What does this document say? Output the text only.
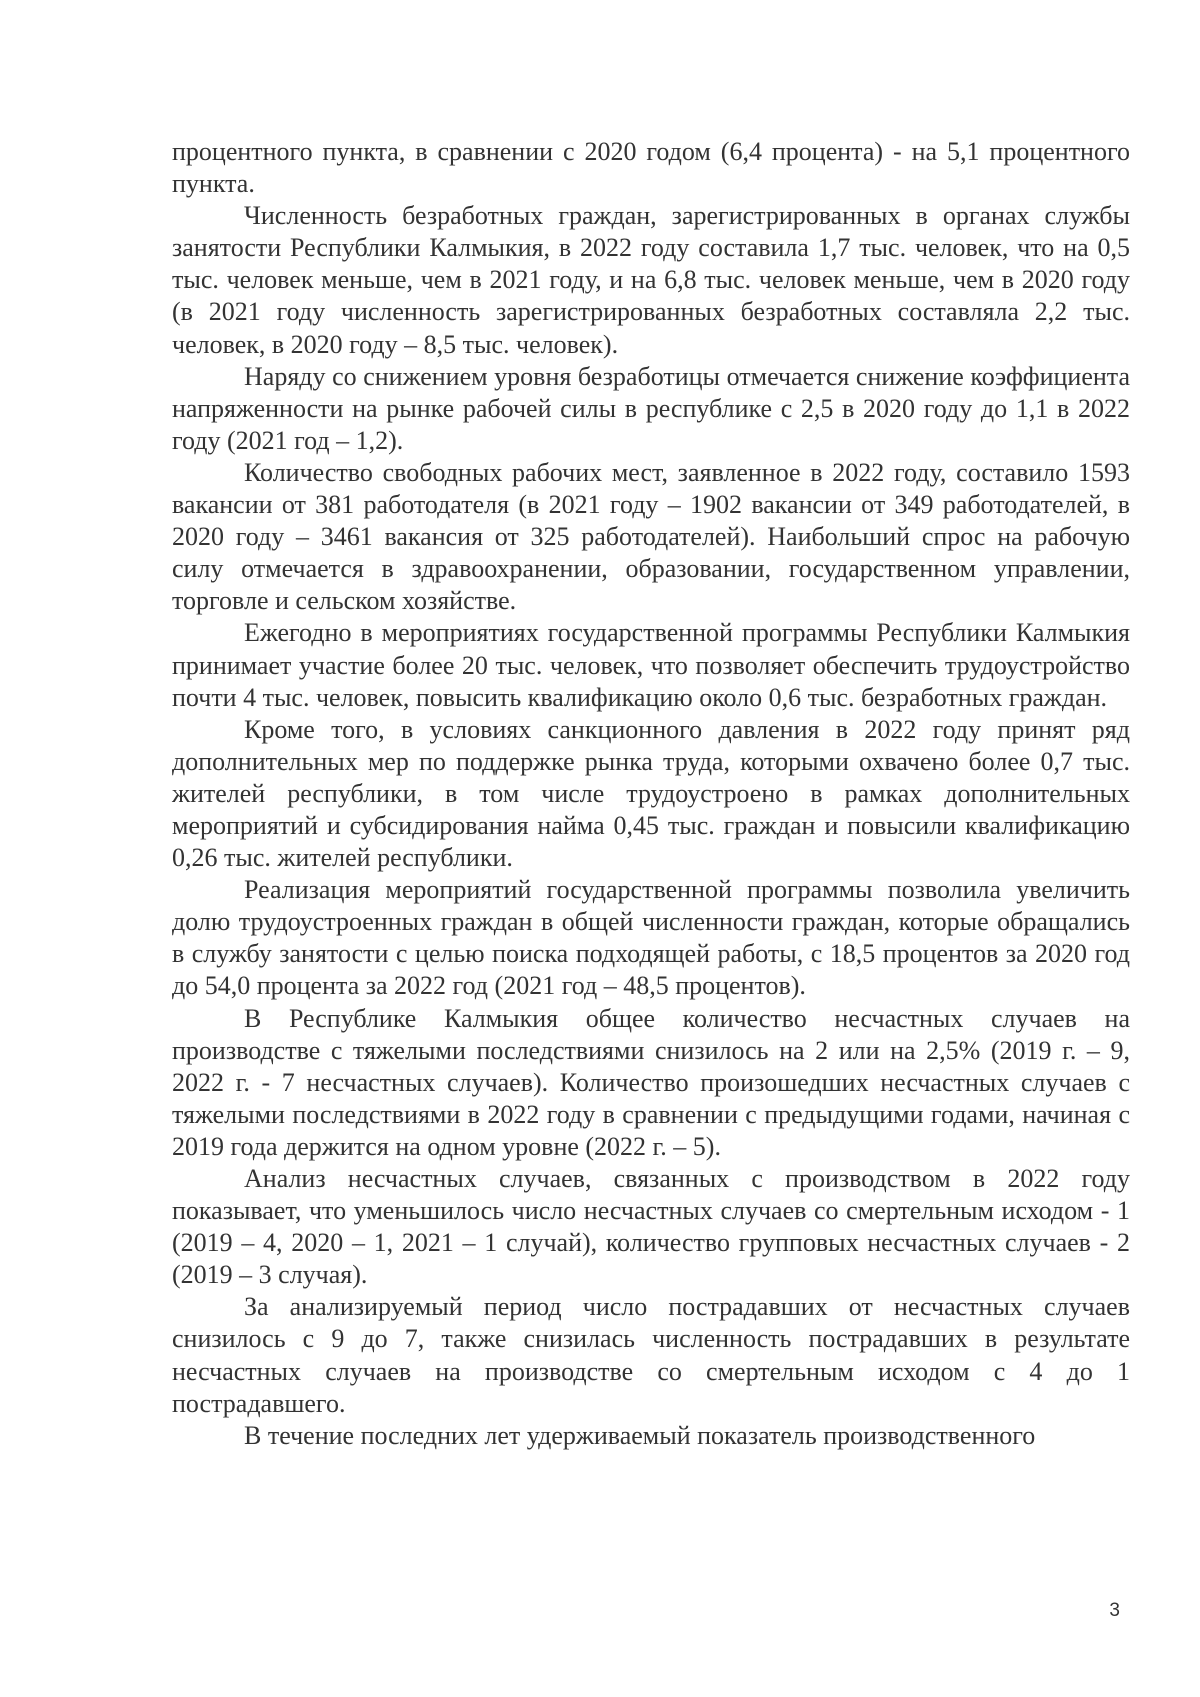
процентного пункта, в сравнении с 2020 годом (6,4 процента) - на 5,1 процентного пункта.

Численность безработных граждан, зарегистрированных в органах службы занятости Республики Калмыкия, в 2022 году составила 1,7 тыс. человек, что на 0,5 тыс. человек меньше, чем в 2021 году, и на 6,8 тыс. человек меньше, чем в 2020 году (в 2021 году численность зарегистрированных безработных составляла 2,2 тыс. человек, в 2020 году – 8,5 тыс. человек).

Наряду со снижением уровня безработицы отмечается снижение коэффициента напряженности на рынке рабочей силы в республике с 2,5 в 2020 году до 1,1 в 2022 году (2021 год – 1,2).

Количество свободных рабочих мест, заявленное в 2022 году, составило 1593 вакансии от 381 работодателя (в 2021 году – 1902 вакансии от 349 работодателей, в 2020 году – 3461 вакансия от 325 работодателей). Наибольший спрос на рабочую силу отмечается в здравоохранении, образовании, государственном управлении, торговле и сельском хозяйстве.

Ежегодно в мероприятиях государственной программы Республики Калмыкия принимает участие более 20 тыс. человек, что позволяет обеспечить трудоустройство почти 4 тыс. человек, повысить квалификацию около 0,6 тыс. безработных граждан.

Кроме того, в условиях санкционного давления в 2022 году принят ряд дополнительных мер по поддержке рынка труда, которыми охвачено более 0,7 тыс. жителей республики, в том числе трудоустроено в рамках дополнительных мероприятий и субсидирования найма 0,45 тыс. граждан и повысили квалификацию 0,26 тыс. жителей республики.

Реализация мероприятий государственной программы позволила увеличить долю трудоустроенных граждан в общей численности граждан, которые обращались в службу занятости с целью поиска подходящей работы, с 18,5 процентов за 2020 год до 54,0 процента за 2022 год (2021 год – 48,5 процентов).

В Республике Калмыкия общее количество несчастных случаев на производстве с тяжелыми последствиями снизилось на 2 или на 2,5% (2019 г. – 9, 2022 г. - 7 несчастных случаев). Количество произошедших несчастных случаев с тяжелыми последствиями в 2022 году в сравнении с предыдущими годами, начиная с 2019 года держится на одном уровне (2022 г. – 5).

Анализ несчастных случаев, связанных с производством в 2022 году показывает, что уменьшилось число несчастных случаев со смертельным исходом - 1 (2019 – 4, 2020 – 1, 2021 – 1 случай), количество групповых несчастных случаев - 2 (2019 – 3 случая).

За анализируемый период число пострадавших от несчастных случаев снизилось с 9 до 7, также снизилась численность пострадавших в результате несчастных случаев на производстве со смертельным исходом с 4 до 1 пострадавшего.

В течение последних лет удерживаемый показатель производственного

3
